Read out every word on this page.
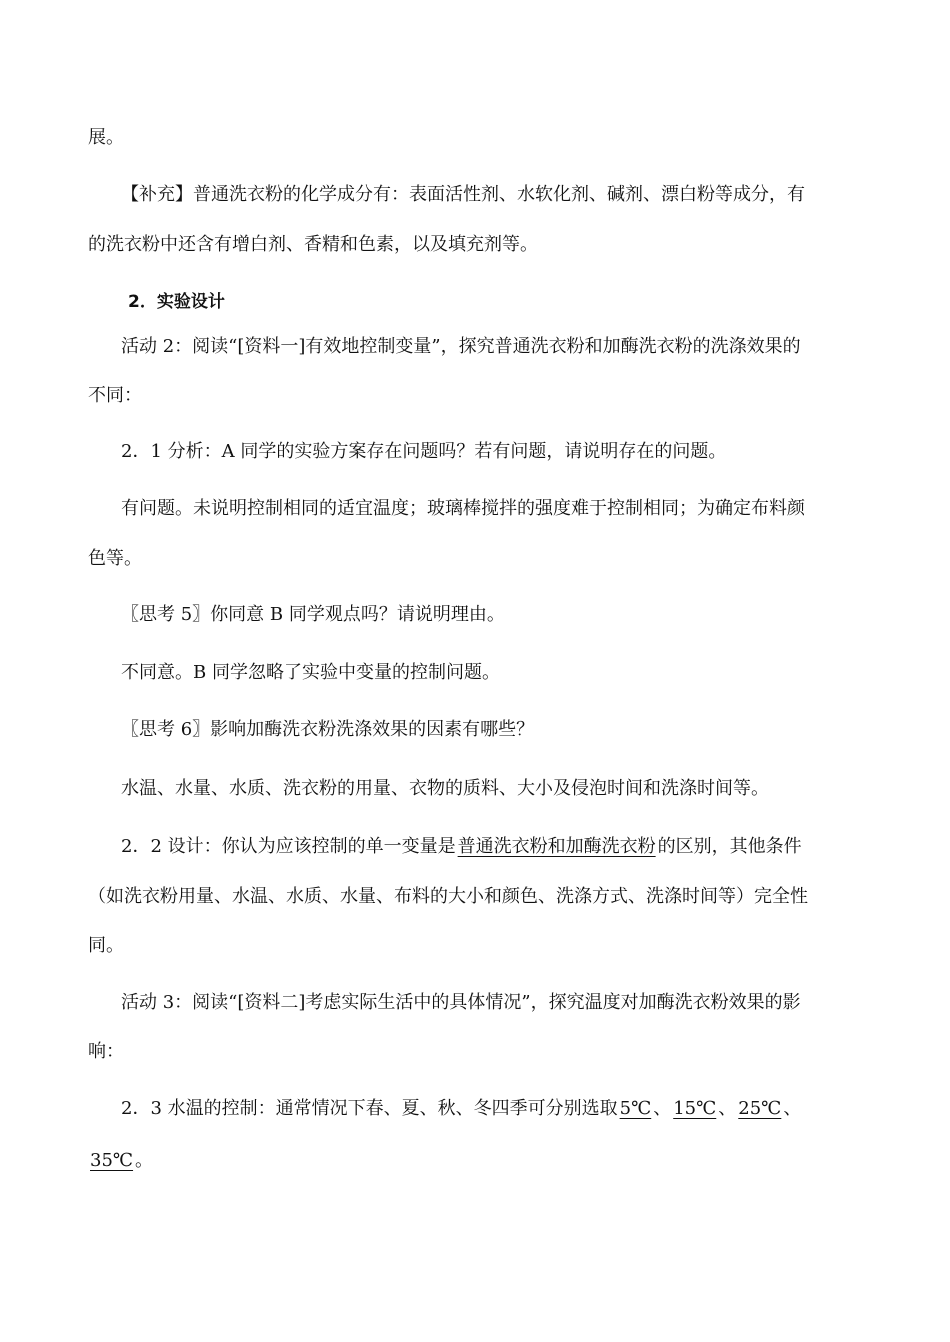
展。
【补充】普通洗衣粉的化学成分有：表面活性剂、水软化剂、碱剂、漂白粉等成分，有
的洗衣粉中还含有增白剂、香精和色素，以及填充剂等。
2．实验设计
活动 2：阅读“[资料一]有效地控制变量”，探究普通洗衣粉和加酶洗衣粉的洗涤效果的
不同：
2．1 分析：A 同学的实验方案存在问题吗？若有问题，请说明存在的问题。
有问题。未说明控制相同的适宜温度；玻璃棒搅拌的强度难于控制相同；为确定布料颜
色等。
〖思考 5〗你同意 B 同学观点吗？请说明理由。
不同意。B 同学忽略了实验中变量的控制问题。
〖思考 6〗影响加酶洗衣粉洗涤效果的因素有哪些？
水温、水量、水质、洗衣粉的用量、衣物的质料、大小及侵泡时间和洗涤时间等。
2．2 设计：你认为应该控制的单一变量是 普通洗衣粉和加酶洗衣粉 的区别，其他条件
（如洗衣粉用量、水温、水质、水量、布料的大小和颜色、洗涤方式、洗涤时间等）完全性
同。
活动 3：阅读“[资料二]考虑实际生活中的具体情况”，探究温度对加酶洗衣粉效果的影
响：
2．3 水温的控制：通常情况下春、夏、秋、冬四季可分别选取 5℃ 、 15℃ 、 25℃ 、
35℃ 。
